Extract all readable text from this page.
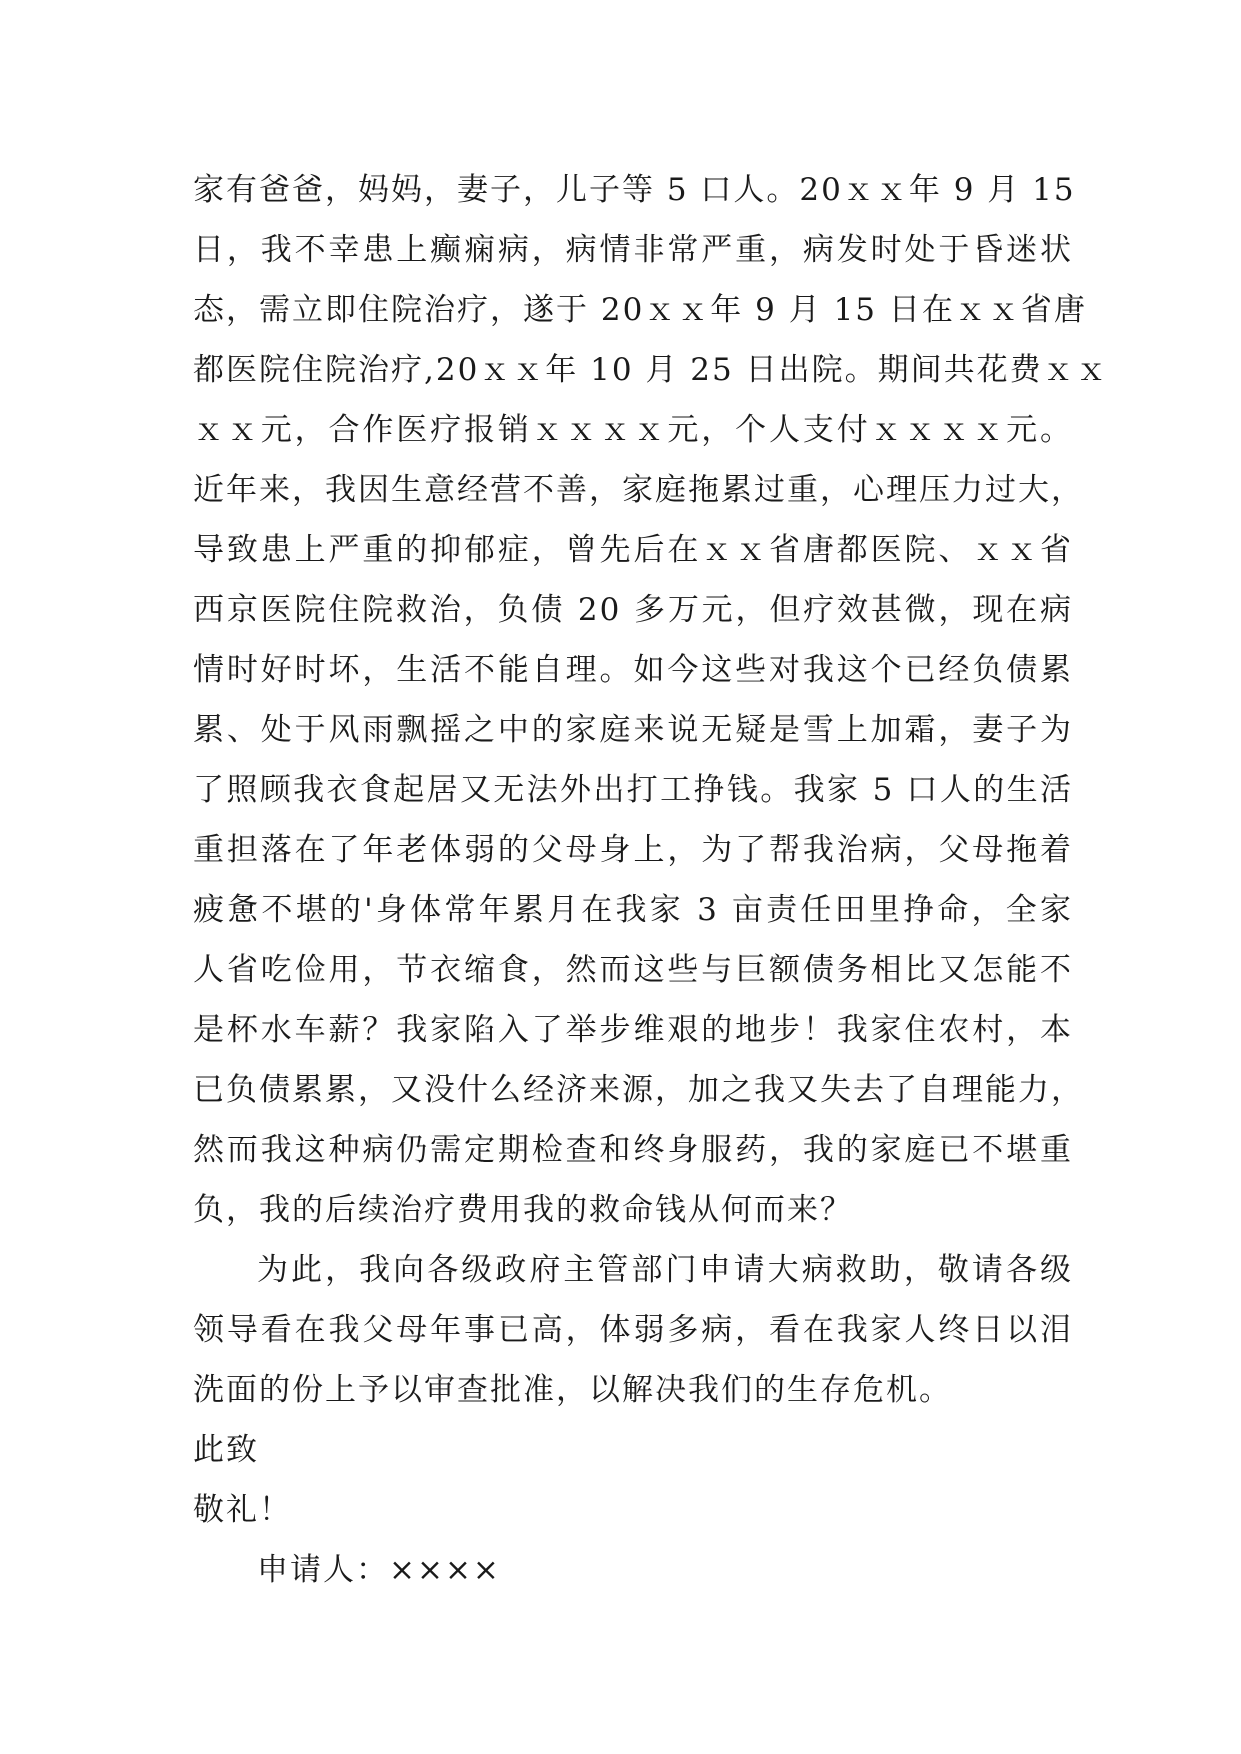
家有爸爸，妈妈，妻子，儿子等 5 口人。20ｘｘ年 9 月 15
日，我不幸患上癫痫病，病情非常严重，病发时处于昏迷状
态，需立即住院治疗，遂于 20ｘｘ年 9 月 15 日在ｘｘ省唐
都医院住院治疗,20ｘｘ年 10 月 25 日出院。期间共花费ｘｘ
ｘｘ元，合作医疗报销ｘｘｘｘ元，个人支付ｘｘｘｘ元。
近年来，我因生意经营不善，家庭拖累过重，心理压力过大，
导致患上严重的抑郁症，曾先后在ｘｘ省唐都医院、ｘｘ省
西京医院住院救治，负债 20 多万元，但疗效甚微，现在病
情时好时坏，生活不能自理。如今这些对我这个已经负债累
累、处于风雨飘摇之中的家庭来说无疑是雪上加霜，妻子为
了照顾我衣食起居又无法外出打工挣钱。我家 5 口人的生活
重担落在了年老体弱的父母身上，为了帮我治病，父母拖着
疲惫不堪的'身体常年累月在我家 3 亩责任田里挣命，全家
人省吃俭用，节衣缩食，然而这些与巨额债务相比又怎能不
是杯水车薪？我家陷入了举步维艰的地步！我家住农村，本
已负债累累，又没什么经济来源，加之我又失去了自理能力，
然而我这种病仍需定期检查和终身服药，我的家庭已不堪重
负，我的后续治疗费用我的救命钱从何而来？
为此，我向各级政府主管部门申请大病救助，敬请各级
领导看在我父母年事已高，体弱多病，看在我家人终日以泪
洗面的份上予以审查批准，以解决我们的生存危机。
此致
敬礼！
申请人：××××
